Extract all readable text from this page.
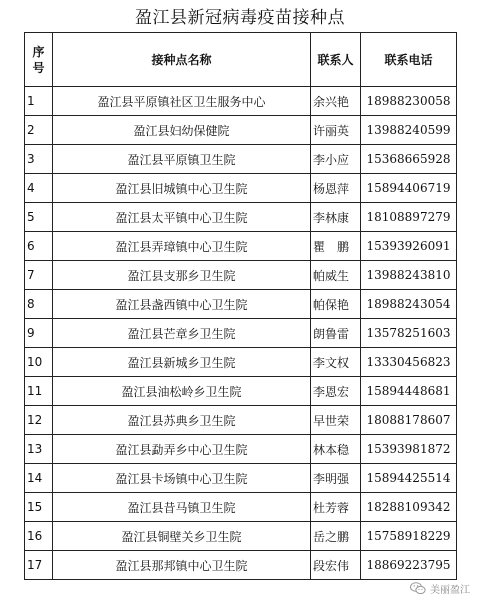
盈江县新冠病毒疫苗接种点
序号	接种点名称	联系人	联系电话
1	盈江县平原镇社区卫生服务中心	余兴艳	18988230058
2	盈江县妇幼保健院	许丽英	13988240599
3	盈江县平原镇卫生院	李小应	15368665928
4	盈江县旧城镇中心卫生院	杨恩萍	15894406719
5	盈江县太平镇中心卫生院	李林康	18108897279
6	盈江县弄璋镇中心卫生院	瞿　鹏	15393926091
7	盈江县支那乡卫生院	帕威生	13988243810
8	盈江县盏西镇中心卫生院	帕保艳	18988243054
9	盈江县芒章乡卫生院	朗鲁雷	13578251603
10	盈江县新城乡卫生院	李文权	13330456823
11	盈江县油松岭乡卫生院	李恩宏	15894448681
12	盈江县苏典乡卫生院	早世荣	18088178607
13	盈江县勐弄乡中心卫生院	林本稳	15393981872
14	盈江县卡场镇中心卫生院	李明强	15894425514
15	盈江县昔马镇卫生院	杜芳蓉	18288109342
16	盈江县铜壁关乡卫生院	岳之鹏	15758918229
17	盈江县那邦镇中心卫生院	段宏伟	18869223795
美丽盈江
